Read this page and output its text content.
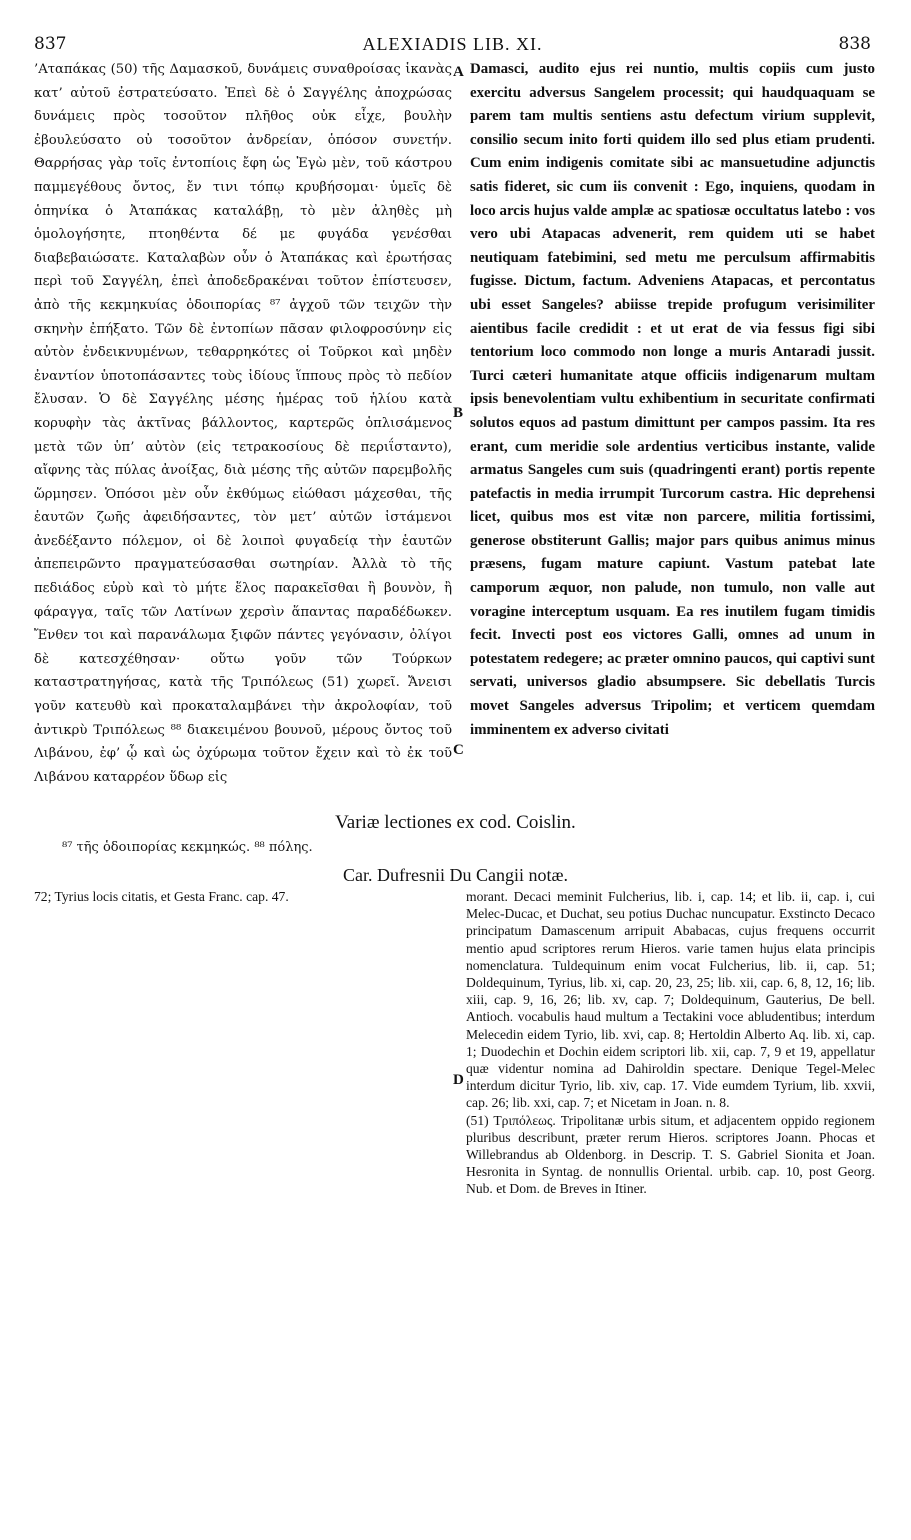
837	ALEXIADIS LIB. XI.	838
’Αταπάκας (50) τῆς Δαμασκοῦ, δυνάμεις συναθροίσας ἱκανὰς κατ’ αὐτοῦ ἐστρατεύσατο. Ἐπεὶ δὲ ὁ Σαγγέλης ἀποχρώσας δυνάμεις πρὸς τοσοῦτον πλῆθος οὐκ εἶχε, βουλὴν ἐβουλεύσατο οὐ τοσοῦτον ἀνδρείαν, ὁπόσον συνετήν. Θαρρήσας γὰρ τοῖς ἐντοπίοις ἔφη ὡς Ἐγὼ μὲν, τοῦ κάστρου παμμεγέθους ὄντος, ἔν τινι τόπῳ κρυβήσομαι· ὑμεῖς δὲ ὁπηνίκα ὁ Ἀταπάκας καταλάβῃ, τὸ μὲν ἀληθὲς μὴ ὁμολογήσητε, πτοηθέντα δέ με φυγάδα γενέσθαι διαβεβαιώσατε. Καταλαβὼν οὖν ὁ Ἀταπάκας καὶ ἐρωτήσας περὶ τοῦ Σαγγέλη, ἐπεὶ ἀποδεδρακέναι τοῦτον ἐπίστευσεν, ἀπὸ τῆς κεκμηκυίας ὁδοιπορίας ⁸⁷ ἀγχοῦ τῶν τειχῶν τὴν σκηνὴν ἐπήξατο. Τῶν δὲ ἐντοπίων πᾶσαν φιλοφροσύνην εἰς αὐτὸν ἐνδεικνυμένων, τεθαρρηκότες οἱ Τοῦρκοι καὶ μηδὲν ἐναντίον ὑποτοπάσαντες τοὺς ἰδίους ἵππους πρὸς τὸ πεδίον ἔλυσαν. Ὁ δὲ Σαγγέλης μέσης ἡμέρας τοῦ ἡλίου κατὰ κορυφὴν τὰς ἀκτῖνας βάλλοντος, καρτερῶς ὁπλισάμενος μετὰ τῶν ὑπ’ αὐτὸν (εἰς τετρακοσίους δὲ περιΐσταντο), αἴφνης τὰς πύλας ἀνοίξας, διὰ μέσης τῆς αὐτῶν παρεμβολῆς ὥρμησεν. Ὁπόσοι μὲν οὖν ἐκθύμως εἰώθασι μάχεσθαι, τῆς ἑαυτῶν ζωῆς ἀφειδήσαντες, τὸν μετ’ αὐτῶν ἱστάμενοι ἀνεδέξαντο πόλεμον, οἱ δὲ λοιποὶ φυγαδείᾳ τὴν ἑαυτῶν ἀπεπειρῶντο πραγματεύσασθαι σωτηρίαν. Ἀλλὰ τὸ τῆς πεδιάδος εὐρὺ καὶ τὸ μήτε ἕλος παρακεῖσθαι ἢ βουνὸν, ἢ φάραγγα, ταῖς τῶν Λατίνων χερσὶν ἅπαντας παραδέδωκεν. Ἔνθεν τοι καὶ παρανάλωμα ξιφῶν πάντες γεγόνασιν, ὀλίγοι δὲ κατεσχέθησαν· οὕτω γοῦν τῶν Τούρκων καταστρατηγήσας, κατὰ τῆς Τριπόλεως (51) χωρεῖ. Ἄνεισι γοῦν κατευθὺ καὶ προκαταλαμβάνει τὴν ἀκρολοφίαν, τοῦ ἀντικρὺ Τριπόλεως ⁸⁸ διακειμένου βουνοῦ, μέρους ὄντος τοῦ Λιβάνου, ἐφ’ ᾧ καὶ ὡς ὀχύρωμα τοῦτον ἔχειν καὶ τὸ ἐκ τοῦ Λιβάνου καταρρέον ὕδωρ εἰς
Damasci, audito ejus rei nuntio, multis copiis cum justo exercitu adversus Sangelem processit; qui haudquaquam se parem tam multis sentiens astu defectum virium supplevit, consilio secum inito forti quidem illo sed plus etiam prudenti. Cum enim indigenis comitate sibi ac mansuetudine adjunctis satis fideret, sic cum iis convenit : Ego, inquiens, quodam in loco arcis hujus valde amplæ ac spatiosæ occultatus latebo : vos vero ubi Atapacas advenerit, rem quidem uti se habet neutiquam fatebimini, sed metu me perculsum affirmabitis fugisse. Dictum, factum. Adveniens Atapacas, et percontatus ubi esset Sangeles? abiisse trepide profugum verisimiliter aientibus facile credidit : et ut erat de via fessus figi sibi tentorium loco commodo non longe a muris Antaradi jussit. Turci cæteri humanitate atque officiis indigenarum multam ipsis benevolentiam vultu exhibentium in securitate confirmati solutos equos ad pastum dimittunt per campos passim. Ita res erant, cum meridie sole ardentius verticibus instante, valide armatus Sangeles cum suis (quadringenti erant) portis repente patefactis in media irrumpit Turcorum castra. Hic deprehensi licet, quibus mos est vitæ non parcere, militia fortissimi, generose obstiterunt Gallis; major pars quibus animus minus præsens, fugam mature capiunt. Vastum patebat late camporum æquor, non palude, non tumulo, non valle aut voragine interceptum usquam. Ea res inutilem fugam timidis fecit. Invecti post eos victores Galli, omnes ad unum in potestatem redegere; ac præter omnino paucos, qui captivi sunt servati, universos gladio absumpsere. Sic debellatis Turcis movet Sangeles adversus Tripolim; et verticem quemdam imminentem ex adverso civitati
A
B
C
D
Variæ lectiones ex cod. Coislin.
⁸⁷ τῆς ὁδοιπορίας κεκμηκώς. ⁸⁸ πόλης.
Car. Dufresnii Du Cangii notæ.

72; Tyrius locis citatis, et Gesta Franc. cap. 47.	morant. Decaci meminit Fulcherius, lib. i, cap. 14; et lib. ii, cap. i, cui Melec-Ducac, et Duchat, seu potius Duchac nuncupatur. Exstincto Decaco principatum Damascenum arripuit Ababacas, cujus frequens occurrit mentio apud scriptores rerum Hieros. varie tamen hujus elata principis nomenclatura. Tuldequinum enim vocat Fulcherius, lib. ii, cap. 51; Doldequinum, Tyrius, lib. xi, cap. 20, 23, 25; lib. xii, cap. 6, 8, 12, 16; lib. xiii, cap. 9, 16, 26; lib. xv, cap. 7; Doldequinum, Gauterius, De bell. Antioch. vocabulis haud multum a Tectakini voce abludentibus; interdum Melecedin eidem Tyrio, lib. xvi, cap. 8; Hertoldin Alberto Aq. lib. xi, cap. 1; Duodechin et Dochin eidem scriptori lib. xii, cap. 7, 9 et 19, appellatur quæ videntur nomina ad Dahiroldin spectare. Denique Tegel-Melec interdum dicitur Tyrio, lib. xiv, cap. 17. Vide eumdem Tyrium, lib. xxvii, cap. 26; lib. xxi, cap. 7; et Nicetam in Joan. n. 8.

(51) Τριπόλεως. Tripolitanæ urbis situm, et adjacentem oppido regionem pluribus describunt, præter rerum Hieros. scriptores Joann. Phocas et Willebrandus ab Oldenborg. in Descrip. T. S. Gabriel Sionita et Joan. Hesronita in Syntag. de nonnullis Oriental. urbib. cap. 10, post Georg. Nub. et Dom. de Breves in Itiner.
